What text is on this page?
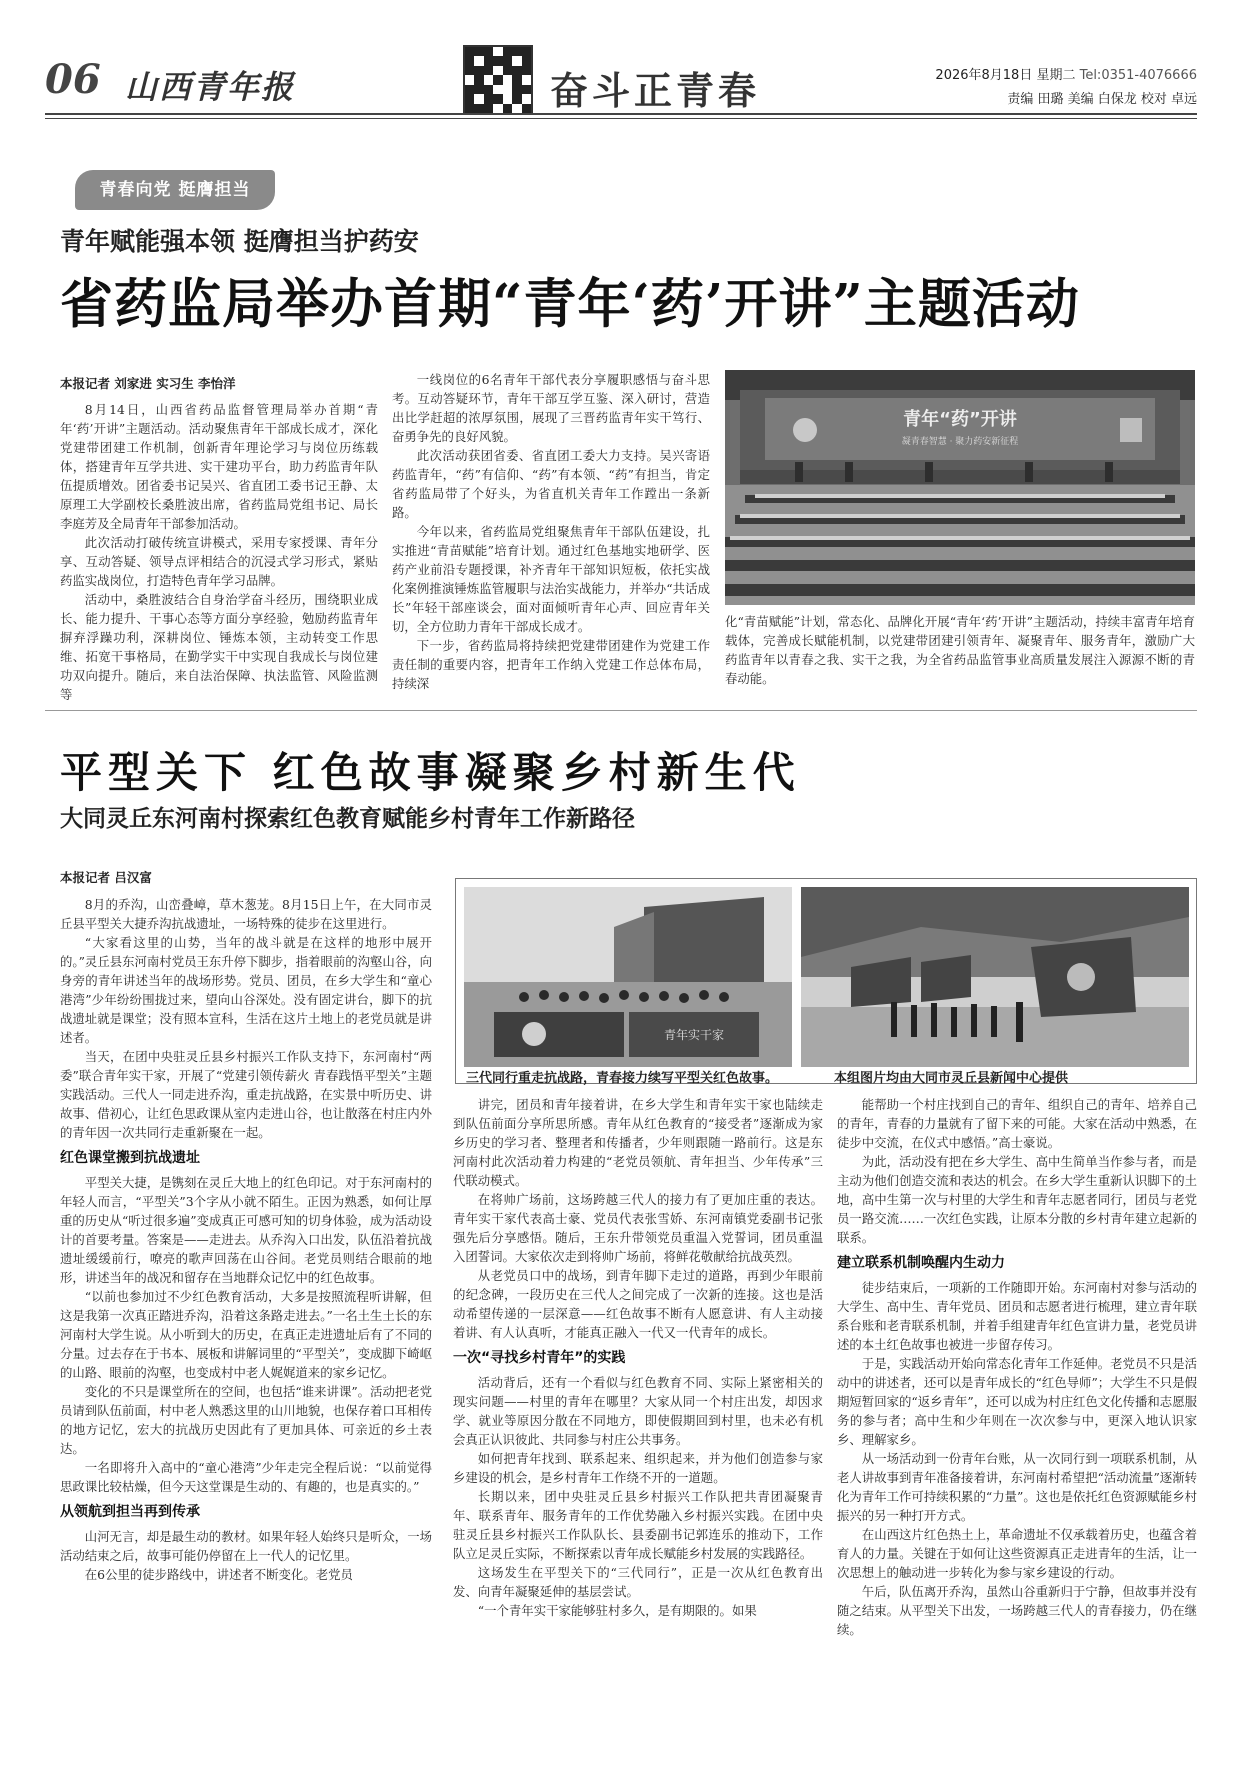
06 山西青年报	奋斗正青春	2026年8月18日 星期二 Tel:0351-4076666
责编 田璐 美编 白保龙 校对 卓远
青春向党 挺膺担当
青年赋能强本领 挺膺担当护药安
省药监局举办首期“青年‘药’开讲”主题活动
本报记者 刘家进 实习生 李怡洋

8月14日，山西省药品监督管理局举办首期“青年‘药’开讲”主题活动。活动聚焦青年干部成长成才，深化党建带团建工作机制，创新青年理论学习与岗位历练载体，搭建青年互学共进、实干建功平台，助力药监青年队伍提质增效。团省委书记吴兴、省直团工委书记王静、太原理工大学副校长桑胜波出席，省药监局党组书记、局长李庭芳及全局青年干部参加活动。

此次活动打破传统宣讲模式，采用专家授课、青年分享、互动答疑、领导点评相结合的沉浸式学习形式，紧贴药监实战岗位，打造特色青年学习品牌。

活动中，桑胜波结合自身治学奋斗经历，围绕职业成长、能力提升、干事心态等方面分享经验，勉励药监青年摒弃浮躁功利，深耕岗位、锤炼本领，主动转变工作思维、拓宽干事格局，在勤学实干中实现自我成长与岗位建功双向提升。随后，来自法治保障、执法监管、风险监测等

一线岗位的6名青年干部代表分享履职感悟与奋斗思考。互动答疑环节，青年干部互学互鉴、深入研讨，营造出比学赶超的浓厚氛围，展现了三晋药监青年实干笃行、奋勇争先的良好风貌。

此次活动获团省委、省直团工委大力支持。吴兴寄语药监青年，“药”有信仰、“药”有本领、“药”有担当，肯定省药监局带了个好头，为省直机关青年工作蹚出一条新路。

今年以来，省药监局党组聚焦青年干部队伍建设，扎实推进“青苗赋能”培育计划。通过红色基地实地研学、医药产业前沿专题授课，补齐青年干部知识短板，依托实战化案例推演锤炼监管履职与法治实战能力，并举办“共话成长”年轻干部座谈会，面对面倾听青年心声、回应青年关切，全方位助力青年干部成长成才。

下一步，省药监局将持续把党建带团建作为党建工作责任制的重要内容，把青年工作纳入党建工作总体布局，持续深

青年“药”开讲
凝青春智慧 · 聚力药安新征程
化“青苗赋能”计划，常态化、品牌化开展“青年‘药’开讲”主题活动，持续丰富青年培育载体，完善成长赋能机制，以党建带团建引领青年、凝聚青年、服务青年，激励广大药监青年以青春之我、实干之我，为全省药品监管事业高质量发展注入源源不断的青春动能。
平型关下 红色故事凝聚乡村新生代
大同灵丘东河南村探索红色教育赋能乡村青年工作新路径
本报记者 吕汉富

8月的乔沟，山峦叠嶂，草木葱茏。8月15日上午，在大同市灵丘县平型关大捷乔沟抗战遗址，一场特殊的徒步在这里进行。

“大家看这里的山势，当年的战斗就是在这样的地形中展开的。”灵丘县东河南村党员王东升停下脚步，指着眼前的沟壑山谷，向身旁的青年讲述当年的战场形势。党员、团员，在乡大学生和“童心港湾”少年纷纷围拢过来，望向山谷深处。没有固定讲台，脚下的抗战遗址就是课堂；没有照本宣科，生活在这片土地上的老党员就是讲述者。

当天，在团中央驻灵丘县乡村振兴工作队支持下，东河南村“两委”联合青年实干家，开展了“党建引领传薪火 青春践悟平型关”主题实践活动。三代人一同走进乔沟，重走抗战路，在实景中听历史、讲故事、借初心，让红色思政课从室内走进山谷，也让散落在村庄内外的青年因一次共同行走重新聚在一起。

红色课堂搬到抗战遗址

平型关大捷，是镌刻在灵丘大地上的红色印记。对于东河南村的年轻人而言，“平型关”3个字从小就不陌生。正因为熟悉，如何让厚重的历史从“听过很多遍”变成真正可感可知的切身体验，成为活动设计的首要考量。答案是——走进去。从乔沟入口出发，队伍沿着抗战遗址缓缓前行，嘹亮的歌声回荡在山谷间。老党员则结合眼前的地形，讲述当年的战况和留存在当地群众记忆中的红色故事。

“以前也参加过不少红色教育活动，大多是按照流程听讲解，但这是我第一次真正踏进乔沟，沿着这条路走进去。”一名土生土长的东河南村大学生说。从小听到大的历史，在真正走进遗址后有了不同的分量。过去存在于书本、展板和讲解词里的“平型关”，变成脚下崎岖的山路、眼前的沟壑，也变成村中老人娓娓道来的家乡记忆。

变化的不只是课堂所在的空间，也包括“谁来讲课”。活动把老党员请到队伍前面，村中老人熟悉这里的山川地貌，也保存着口耳相传的地方记忆，宏大的抗战历史因此有了更加具体、可亲近的乡土表达。

一名即将升入高中的“童心港湾”少年走完全程后说：“以前觉得思政课比较枯燥，但今天这堂课是生动的、有趣的，也是真实的。”

从领航到担当再到传承

山河无言，却是最生动的教材。如果年轻人始终只是听众，一场活动结束之后，故事可能仍停留在上一代人的记忆里。

在6公里的徒步路线中，讲述者不断变化。老党员

青年实干家
三代同行重走抗战路，青春接力续写平型关红色故事。	本组图片均由大同市灵丘县新闻中心提供

讲完，团员和青年接着讲，在乡大学生和青年实干家也陆续走到队伍前面分享所思所感。青年从红色教育的“接受者”逐渐成为家乡历史的学习者、整理者和传播者，少年则跟随一路前行。这是东河南村此次活动着力构建的“老党员领航、青年担当、少年传承”三代联动模式。

在将帅广场前，这场跨越三代人的接力有了更加庄重的表达。青年实干家代表高士豪、党员代表张雪娇、东河南镇党委副书记张强先后分享感悟。随后，王东升带领党员重温入党誓词，团员重温入团誓词。大家依次走到将帅广场前，将鲜花敬献给抗战英烈。

从老党员口中的战场，到青年脚下走过的道路，再到少年眼前的纪念碑，一段历史在三代人之间完成了一次新的连接。这也是活动希望传递的一层深意——红色故事不断有人愿意讲、有人主动接着讲、有人认真听，才能真正融入一代又一代青年的成长。

一次“寻找乡村青年”的实践

活动背后，还有一个看似与红色教育不同、实际上紧密相关的现实问题——村里的青年在哪里？大家从同一个村庄出发，却因求学、就业等原因分散在不同地方，即使假期回到村里，也未必有机会真正认识彼此、共同参与村庄公共事务。

如何把青年找到、联系起来、组织起来，并为他们创造参与家乡建设的机会，是乡村青年工作绕不开的一道题。

长期以来，团中央驻灵丘县乡村振兴工作队把共青团凝聚青年、联系青年、服务青年的工作优势融入乡村振兴实践。在团中央驻灵丘县乡村振兴工作队队长、县委副书记郭连乐的推动下，工作队立足灵丘实际，不断探索以青年成长赋能乡村发展的实践路径。

这场发生在平型关下的“三代同行”，正是一次从红色教育出发、向青年凝聚延伸的基层尝试。

“一个青年实干家能够驻村多久，是有期限的。如果

能帮助一个村庄找到自己的青年、组织自己的青年、培养自己的青年，青春的力量就有了留下来的可能。大家在活动中熟悉，在徒步中交流，在仪式中感悟。”高士豪说。

为此，活动没有把在乡大学生、高中生简单当作参与者，而是主动为他们创造交流和表达的机会。在乡大学生重新认识脚下的土地，高中生第一次与村里的大学生和青年志愿者同行，团员与老党员一路交流……一次红色实践，让原本分散的乡村青年建立起新的联系。

建立联系机制唤醒内生动力

徒步结束后，一项新的工作随即开始。东河南村对参与活动的大学生、高中生、青年党员、团员和志愿者进行梳理，建立青年联系台账和老青联系机制，并着手组建青年红色宣讲力量，老党员讲述的本土红色故事也被进一步留存传习。

于是，实践活动开始向常态化青年工作延伸。老党员不只是活动中的讲述者，还可以是青年成长的“红色导师”；大学生不只是假期短暂回家的“返乡青年”，还可以成为村庄红色文化传播和志愿服务的参与者；高中生和少年则在一次次参与中，更深入地认识家乡、理解家乡。

从一场活动到一份青年台账，从一次同行到一项联系机制，从老人讲故事到青年准备接着讲，东河南村希望把“活动流量”逐渐转化为青年工作可持续积累的“力量”。这也是依托红色资源赋能乡村振兴的另一种打开方式。

在山西这片红色热土上，革命遗址不仅承载着历史，也蕴含着育人的力量。关键在于如何让这些资源真正走进青年的生活，让一次思想上的触动进一步转化为参与家乡建设的行动。

午后，队伍离开乔沟，虽然山谷重新归于宁静，但故事并没有随之结束。从平型关下出发，一场跨越三代人的青春接力，仍在继续。
